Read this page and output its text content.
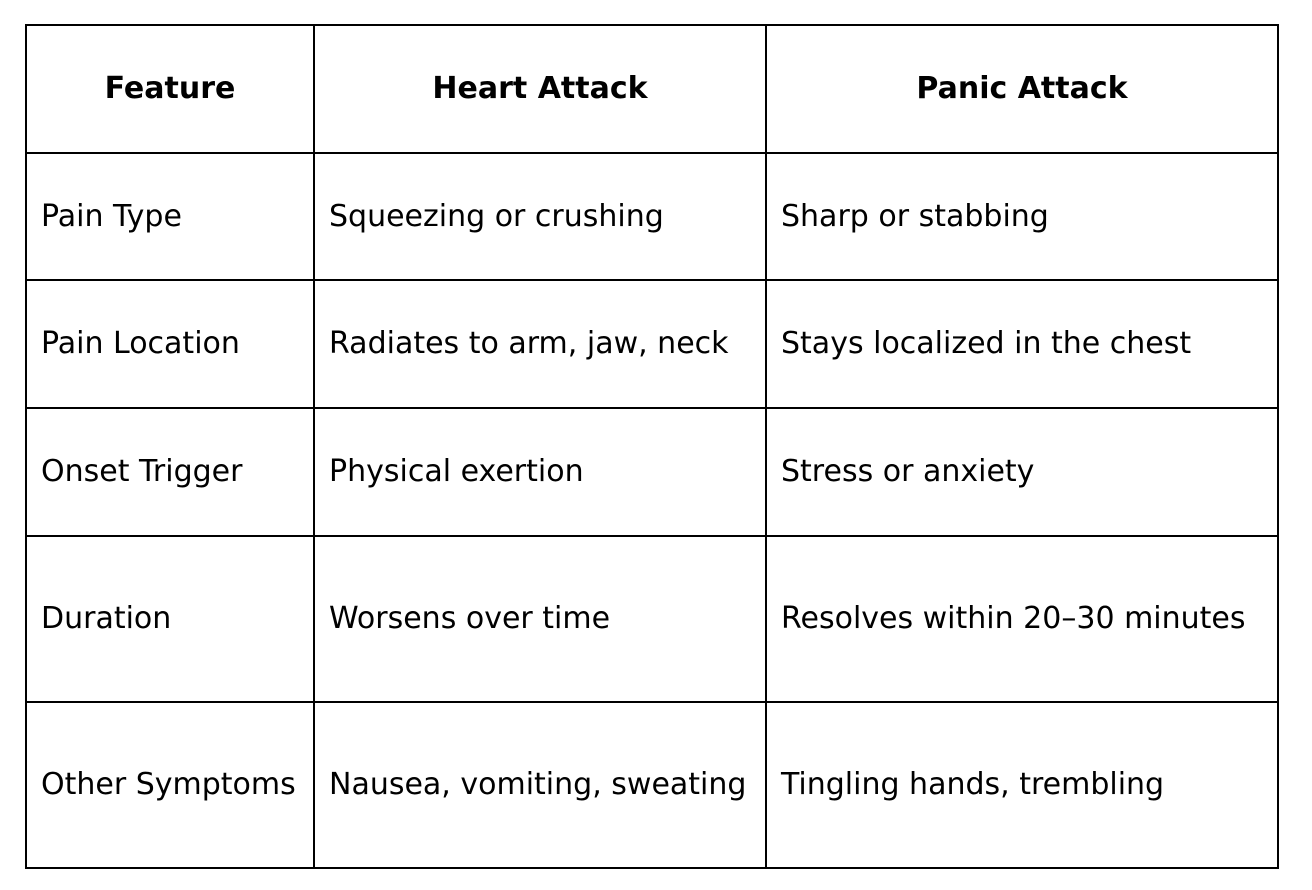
Feature	Heart Attack	Panic Attack
Pain Type	Squeezing or crushing	Sharp or stabbing
Pain Location	Radiates to arm, jaw, neck	Stays localized in the chest
Onset Trigger	Physical exertion	Stress or anxiety
Duration	Worsens over time	Resolves within 20–30 minutes
Other Symptoms	Nausea, vomiting, sweating	Tingling hands, trembling
